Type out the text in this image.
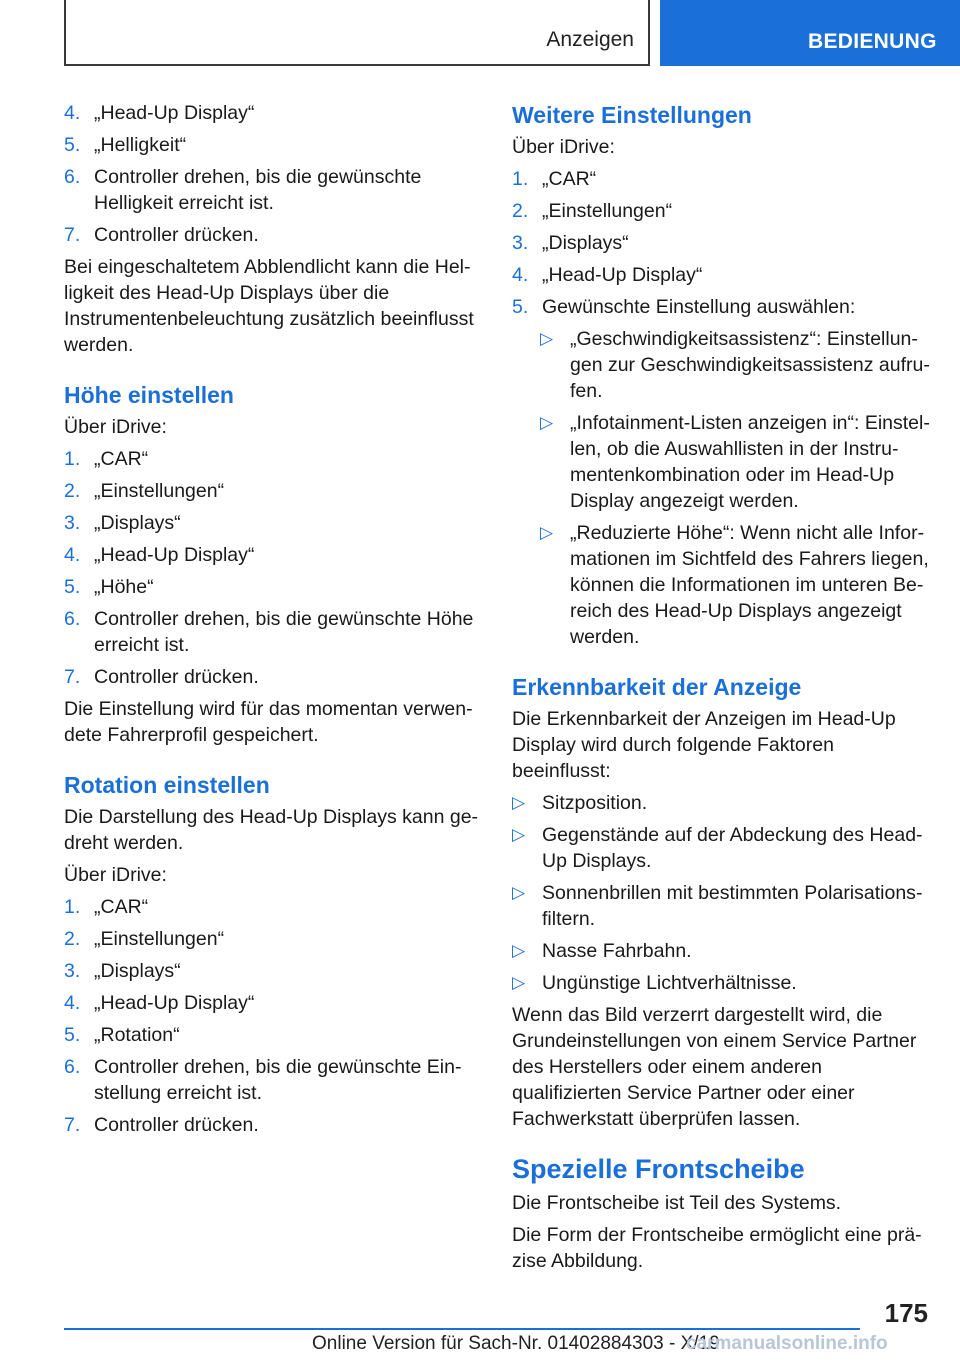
Anzeigen	BEDIENUNG
4. „Head-Up Display“
5. „Helligkeit“
6. Controller drehen, bis die gewünschte Helligkeit erreicht ist.
7. Controller drücken.

Bei eingeschaltetem Abblendlicht kann die Helligkeit des Head-Up Displays über die Instrumentenbeleuchtung zusätzlich beeinflusst werden.

Höhe einstellen

Über iDrive:

1. „CAR“
2. „Einstellungen“
3. „Displays“
4. „Head-Up Display“
5. „Höhe“
6. Controller drehen, bis die gewünschte Höhe erreicht ist.
7. Controller drücken.

Die Einstellung wird für das momentan verwendete Fahrerprofil gespeichert.

Rotation einstellen

Die Darstellung des Head-Up Displays kann gedreht werden.

Über iDrive:

1. „CAR“
2. „Einstellungen“
3. „Displays“
4. „Head-Up Display“
5. „Rotation“
6. Controller drehen, bis die gewünschte Einstellung erreicht ist.
7. Controller drücken.
Weitere Einstellungen

Über iDrive:

1. „CAR“
2. „Einstellungen“
3. „Displays“
4. „Head-Up Display“
5. Gewünschte Einstellung auswählen:
▷ „Geschwindigkeitsassistenz“: Einstellungen zur Geschwindigkeitsassistenz aufrufen.
▷ „Infotainment-Listen anzeigen in“: Einstellen, ob die Auswahllisten in der Instrumentenkombination oder im Head-Up Display angezeigt werden.
▷ „Reduzierte Höhe“: Wenn nicht alle Informationen im Sichtfeld des Fahrers liegen, können die Informationen im unteren Bereich des Head-Up Displays angezeigt werden.
Erkennbarkeit der Anzeige

Die Erkennbarkeit der Anzeigen im Head-Up Display wird durch folgende Faktoren beeinflusst:

▷ Sitzposition.
▷ Gegenstände auf der Abdeckung des Head-Up Displays.
▷ Sonnenbrillen mit bestimmten Polarisationsfiltern.
▷ Nasse Fahrbahn.
▷ Ungünstige Lichtverhältnisse.

Wenn das Bild verzerrt dargestellt wird, die Grundeinstellungen von einem Service Partner des Herstellers oder einem anderen qualifizierten Service Partner oder einer Fachwerkstatt überprüfen lassen.

Spezielle Frontscheibe

Die Frontscheibe ist Teil des Systems.

Die Form der Frontscheibe ermöglicht eine präzise Abbildung.

175
Online Version für Sach-Nr. 01402884303 - X/19
carmanualsonline.info
